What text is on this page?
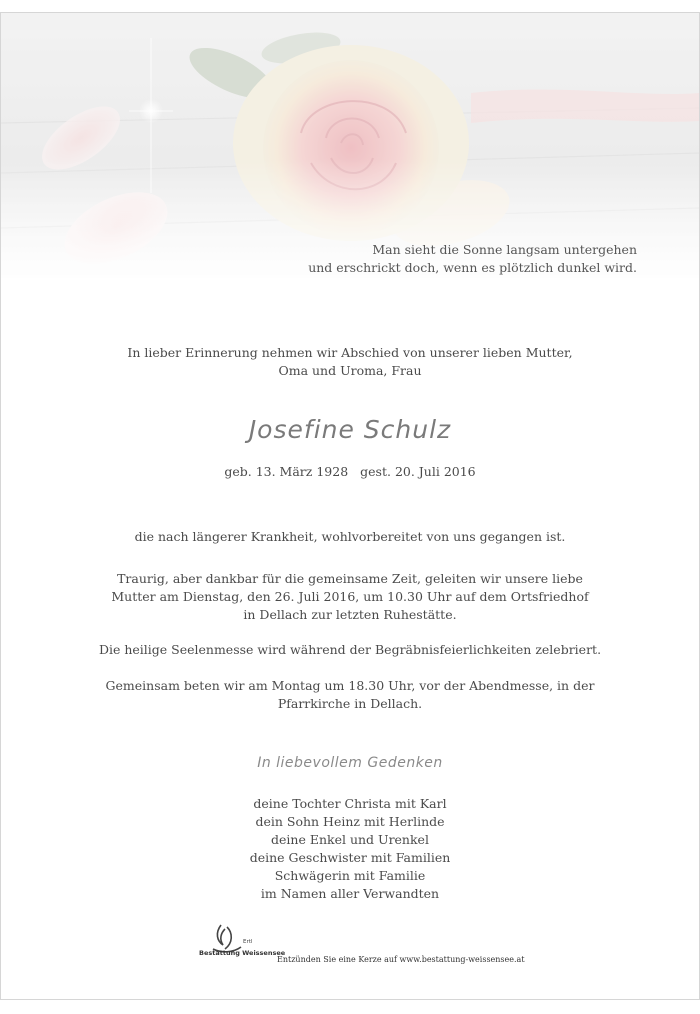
Man sieht die Sonne langsam untergehen
und erschrickt doch, wenn es plötzlich dunkel wird.
In lieber Erinnerung nehmen wir Abschied von unserer lieben Mutter,
Oma und Uroma, Frau
Josefine Schulz
geb. 13. März 1928 gest. 20. Juli 2016
die nach längerer Krankheit, wohlvorbereitet von uns gegangen ist.
Traurig, aber dankbar für die gemeinsame Zeit, geleiten wir unsere liebe
Mutter am Dienstag, den 26. Juli 2016, um 10.30 Uhr auf dem Ortsfriedhof
in Dellach zur letzten Ruhestätte.
Die heilige Seelenmesse wird während der Begräbnisfeierlichkeiten zelebriert.
Gemeinsam beten wir am Montag um 18.30 Uhr, vor der Abendmesse, in der
Pfarrkirche in Dellach.
In liebevollem Gedenken
deine Tochter Christa mit Karl
dein Sohn Heinz mit Herlinde
deine Enkel und Urenkel
deine Geschwister mit Familien
Schwägerin mit Familie
im Namen aller Verwandten
Ertl
Bestattung Weissensee
Entzünden Sie eine Kerze auf www.bestattung-weissensee.at
